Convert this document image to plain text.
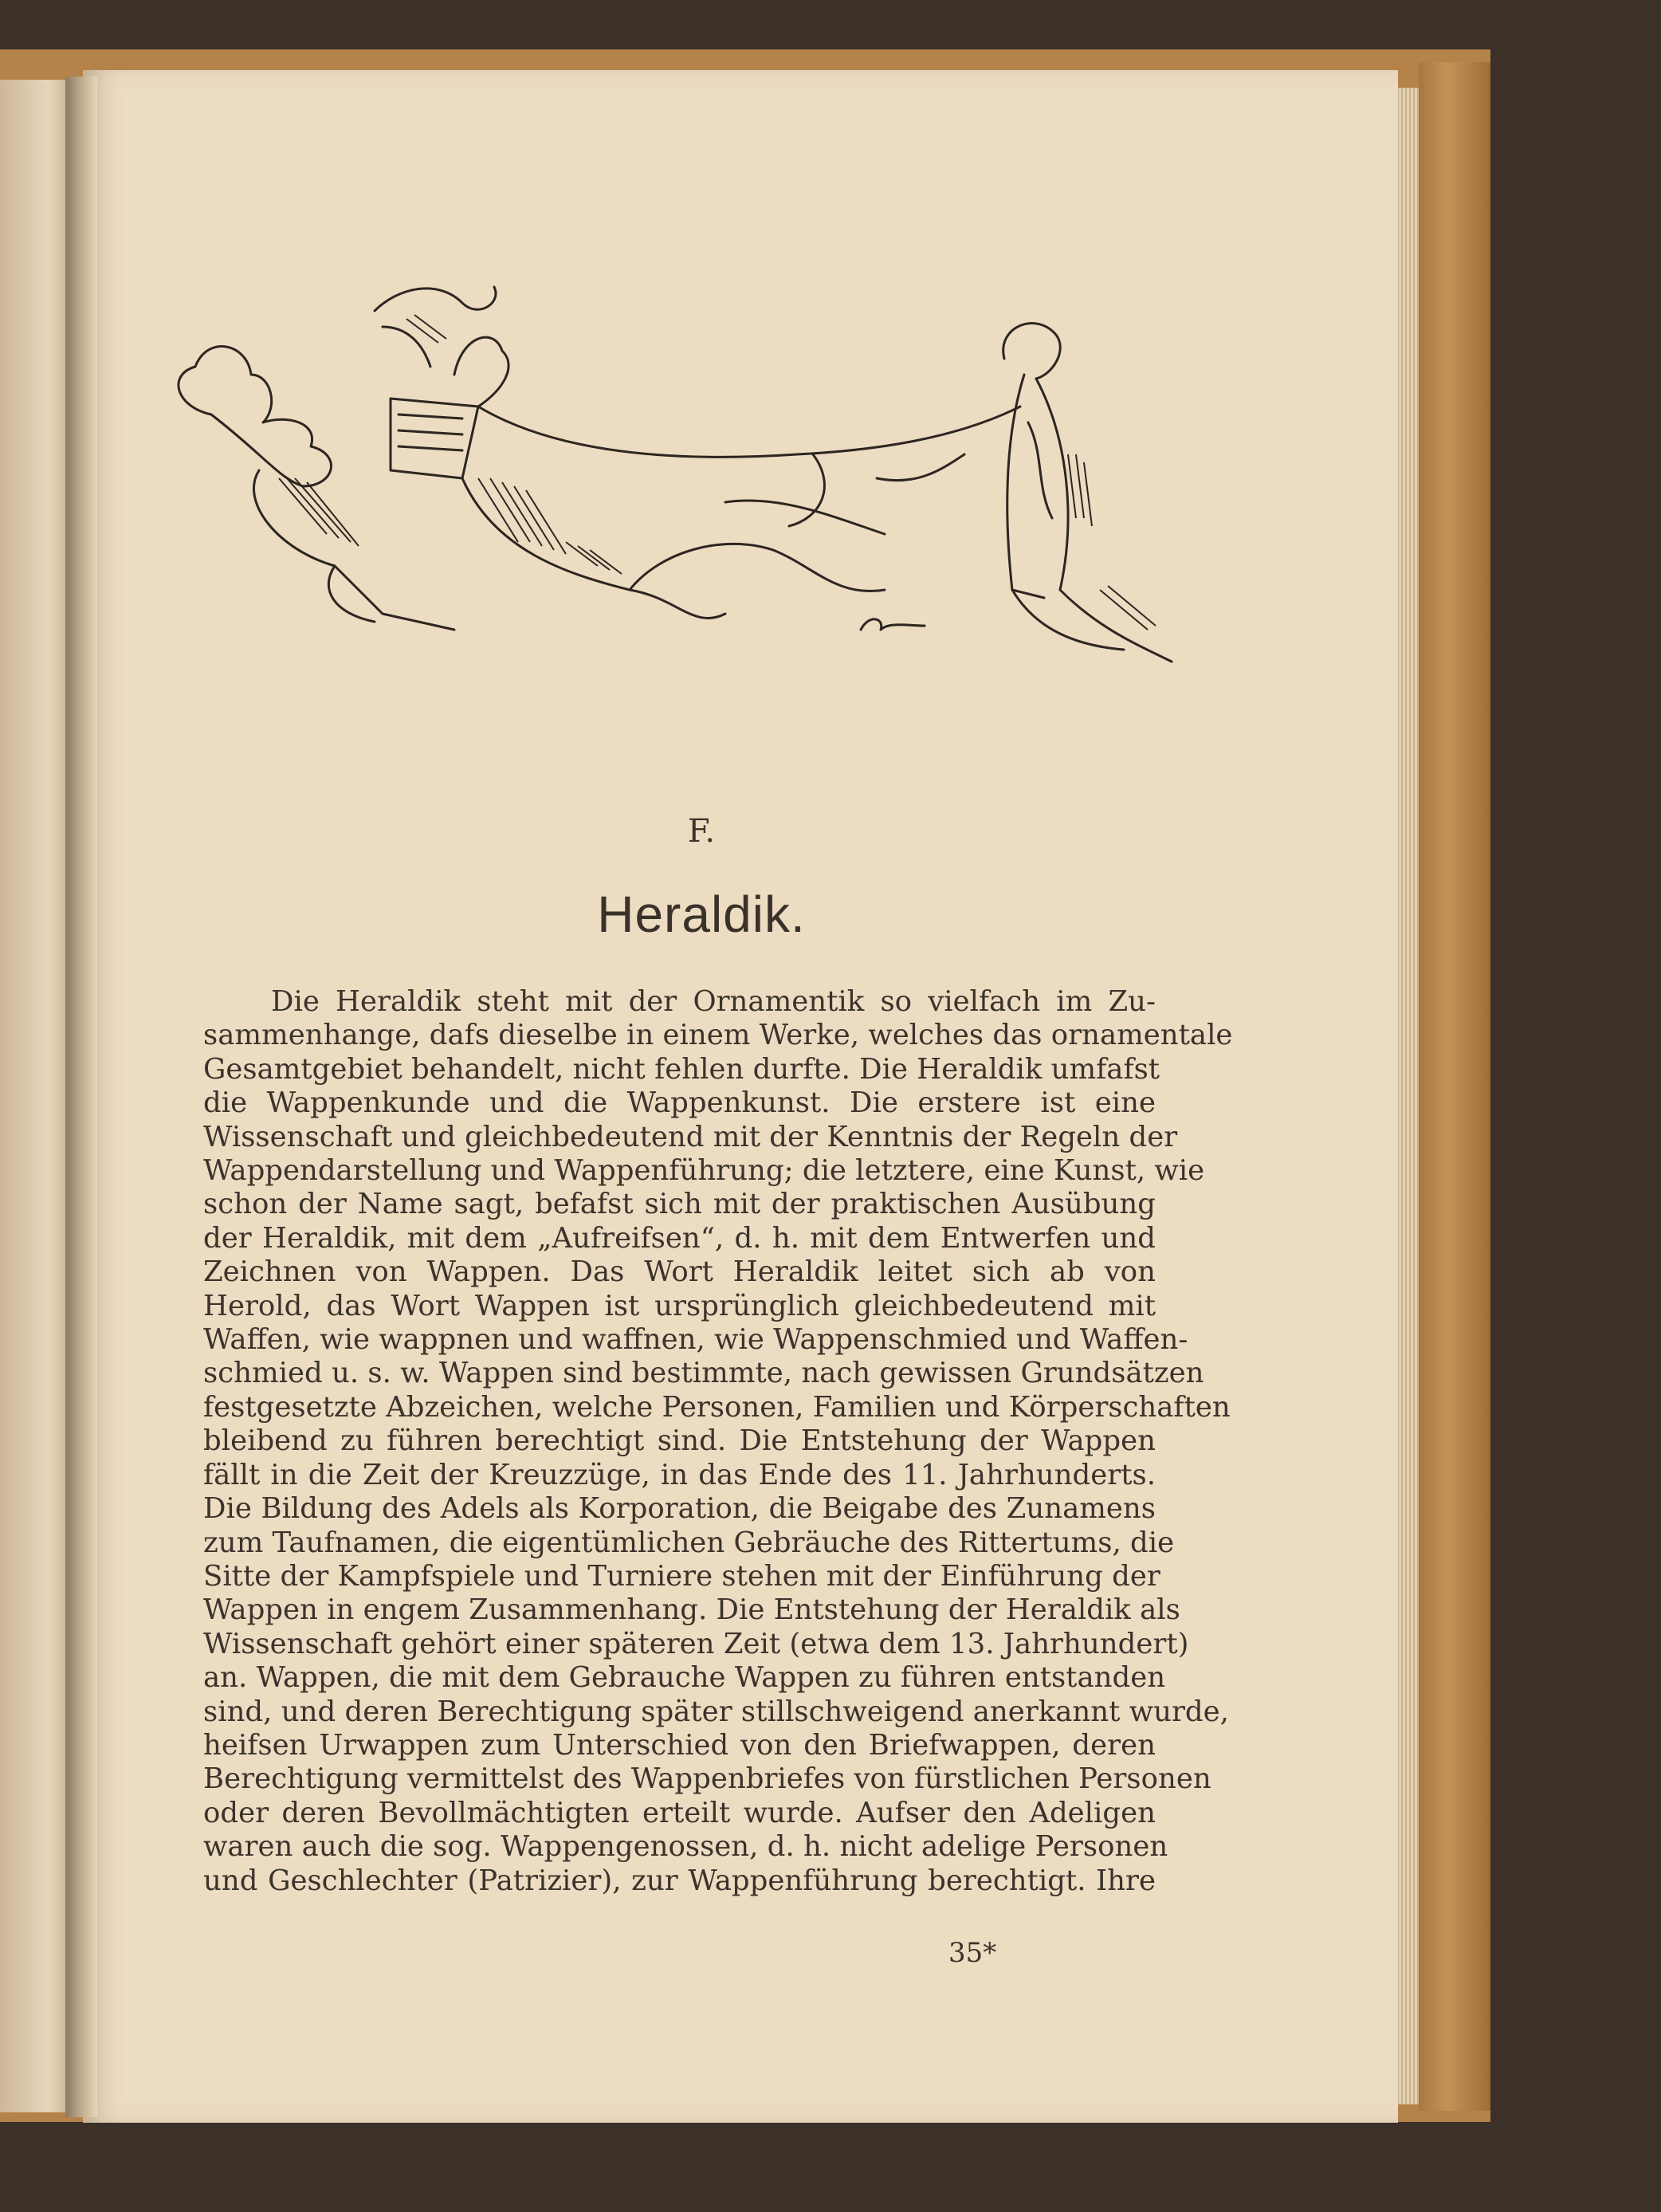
F.
Heraldik.
Die Heraldik steht mit der Ornamentik so vielfach im Zu-
sammenhange, dafs dieselbe in einem Werke, welches das ornamentale
Gesamtgebiet behandelt, nicht fehlen durfte. Die Heraldik umfafst
die Wappenkunde und die Wappenkunst. Die erstere ist eine
Wissenschaft und gleichbedeutend mit der Kenntnis der Regeln der
Wappendarstellung und Wappenführung; die letztere, eine Kunst, wie
schon der Name sagt, befafst sich mit der praktischen Ausübung
der Heraldik, mit dem „Aufreifsen“, d. h. mit dem Entwerfen und
Zeichnen von Wappen. Das Wort Heraldik leitet sich ab von
Herold, das Wort Wappen ist ursprünglich gleichbedeutend mit
Waffen, wie wappnen und waffnen, wie Wappenschmied und Waffen-
schmied u. s. w. Wappen sind bestimmte, nach gewissen Grundsätzen
festgesetzte Abzeichen, welche Personen, Familien und Körperschaften
bleibend zu führen berechtigt sind. Die Entstehung der Wappen
fällt in die Zeit der Kreuzzüge, in das Ende des 11. Jahrhunderts.
Die Bildung des Adels als Korporation, die Beigabe des Zunamens
zum Taufnamen, die eigentümlichen Gebräuche des Rittertums, die
Sitte der Kampfspiele und Turniere stehen mit der Einführung der
Wappen in engem Zusammenhang. Die Entstehung der Heraldik als
Wissenschaft gehört einer späteren Zeit (etwa dem 13. Jahrhundert)
an. Wappen, die mit dem Gebrauche Wappen zu führen entstanden
sind, und deren Berechtigung später stillschweigend anerkannt wurde,
heifsen Urwappen zum Unterschied von den Briefwappen, deren
Berechtigung vermittelst des Wappenbriefes von fürstlichen Personen
oder deren Bevollmächtigten erteilt wurde. Aufser den Adeligen
waren auch die sog. Wappengenossen, d. h. nicht adelige Personen
und Geschlechter (Patrizier), zur Wappenführung berechtigt. Ihre
35*
